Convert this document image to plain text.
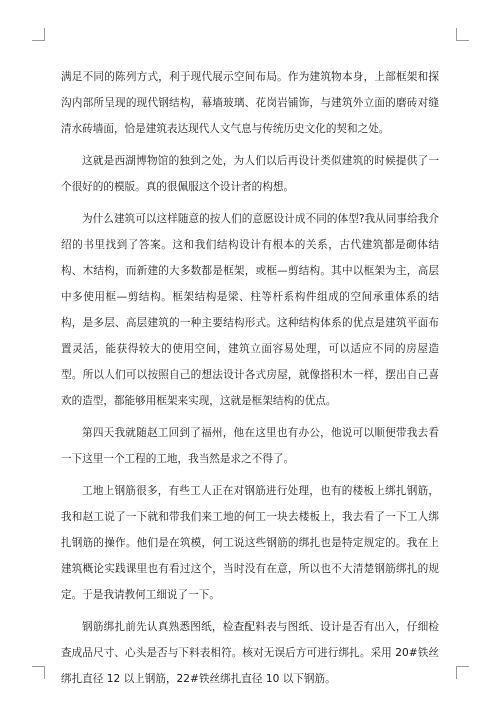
满足不同的陈列方式，利于现代展示空间布局。作为建筑物本身，上部框架和探沟内部所呈现的现代钢结构，幕墙玻璃、花岗岩铺饰，与建筑外立面的磨砖对缝清水砖墙面，恰是建筑表达现代人文气息与传统历史文化的契和之处。

这就是西湖博物馆的独到之处，为人们以后再设计类似建筑的时候提供了一个很好的的模版。真的很佩服这个设计者的构想。

为什么建筑可以这样随意的按人们的意愿设计成不同的体型?我从同事给我介绍的书里找到了答案。这和我们结构设计有根本的关系，古代建筑都是砌体结构、木结构，而新建的大多数都是框架，或框—剪结构。其中以框架为主，高层中多使用框—剪结构。框架结构是梁、柱等杆系构件组成的空间承重体系的结构，是多层、高层建筑的一种主要结构形式。这种结构体系的优点是建筑平面布置灵活，能获得较大的使用空间，建筑立面容易处理，可以适应不同的房屋造型。所以人们可以按照自己的想法设计各式房屋，就像搭积木一样，摆出自己喜欢的造型，都能够用框架来实现，这就是框架结构的优点。

第四天我就随赵工回到了福州，他在这里也有办公，他说可以顺便带我去看一下这里一个工程的工地，我当然是求之不得了。

工地上钢筋很多，有些工人正在对钢筋进行处理，也有的楼板上绑扎钢筋，我和赵工说了一下就和带我们来工地的何工一块去楼板上，我去看了一下工人绑扎钢筋的操作。他们是在筑模，何工说这些钢筋的绑扎也是特定规定的。我在上建筑概论实践课里也有看过这个，当时没有在意，所以也不大清楚钢筋绑扎的规定。于是我请教何工细说了一下。

钢筋绑扎前先认真熟悉图纸，检查配料表与图纸、设计是否有出入，仔细检查成品尺寸、心头是否与下料表相符。核对无误后方可进行绑扎。采用 20#铁丝绑扎直径 12 以上钢筋，22#铁丝绑扎直径 10 以下钢筋。
